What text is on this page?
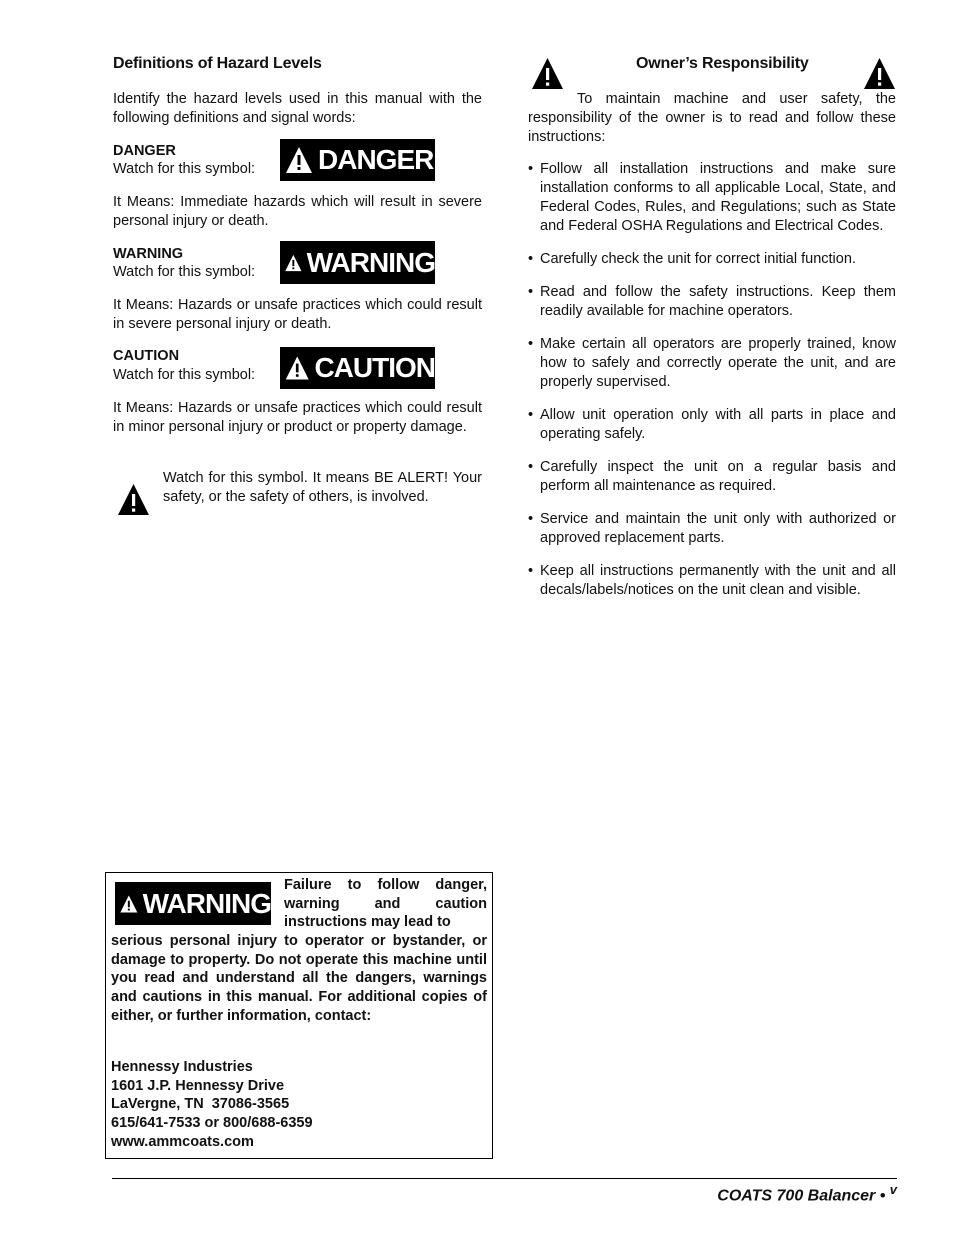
Definitions of Hazard Levels
Identify the hazard levels used in this manual with the following definitions and signal words:
DANGER
Watch for this symbol: DANGER
It Means: Immediate hazards which will result in severe personal injury or death.
WARNING
Watch for this symbol: WARNING
It Means: Hazards or unsafe practices which could result in severe personal injury or death.
CAUTION
Watch for this symbol: CAUTION
It Means: Hazards or unsafe practices which could result in minor personal injury or product or property damage.
Watch for this symbol. It means BE ALERT! Your safety, or the safety of others, is involved.
Owner’s Responsibility
To maintain machine and user safety, the responsibility of the owner is to read and follow these instructions:
• Follow all installation instructions and make sure installation conforms to all applicable Local, State, and Federal Codes, Rules, and Regulations; such as State and Federal OSHA Regulations and Electrical Codes.
• Carefully check the unit for correct initial function.
• Read and follow the safety instructions. Keep them readily available for machine operators.
• Make certain all operators are properly trained, know how to safely and correctly operate the unit, and are properly supervised.
• Allow unit operation only with all parts in place and operating safely.
• Carefully inspect the unit on a regular basis and perform all maintenance as required.
• Service and maintain the unit only with authorized or approved replacement parts.
• Keep all instructions permanently with the unit and all decals/labels/notices on the unit clean and visible.
WARNING
Failure to follow danger, warning and caution instructions may lead to
serious personal injury to operator or bystander, or damage to property. Do not operate this machine until you read and understand all the dangers, warnings and cautions in this manual. For additional copies of either, or further information, contact:
Hennessy Industries
1601 J.P. Hennessy Drive
LaVergne, TN  37086-3565
615/641-7533 or 800/688-6359
www.ammcoats.com
COATS 700 Balancer • $^v$
